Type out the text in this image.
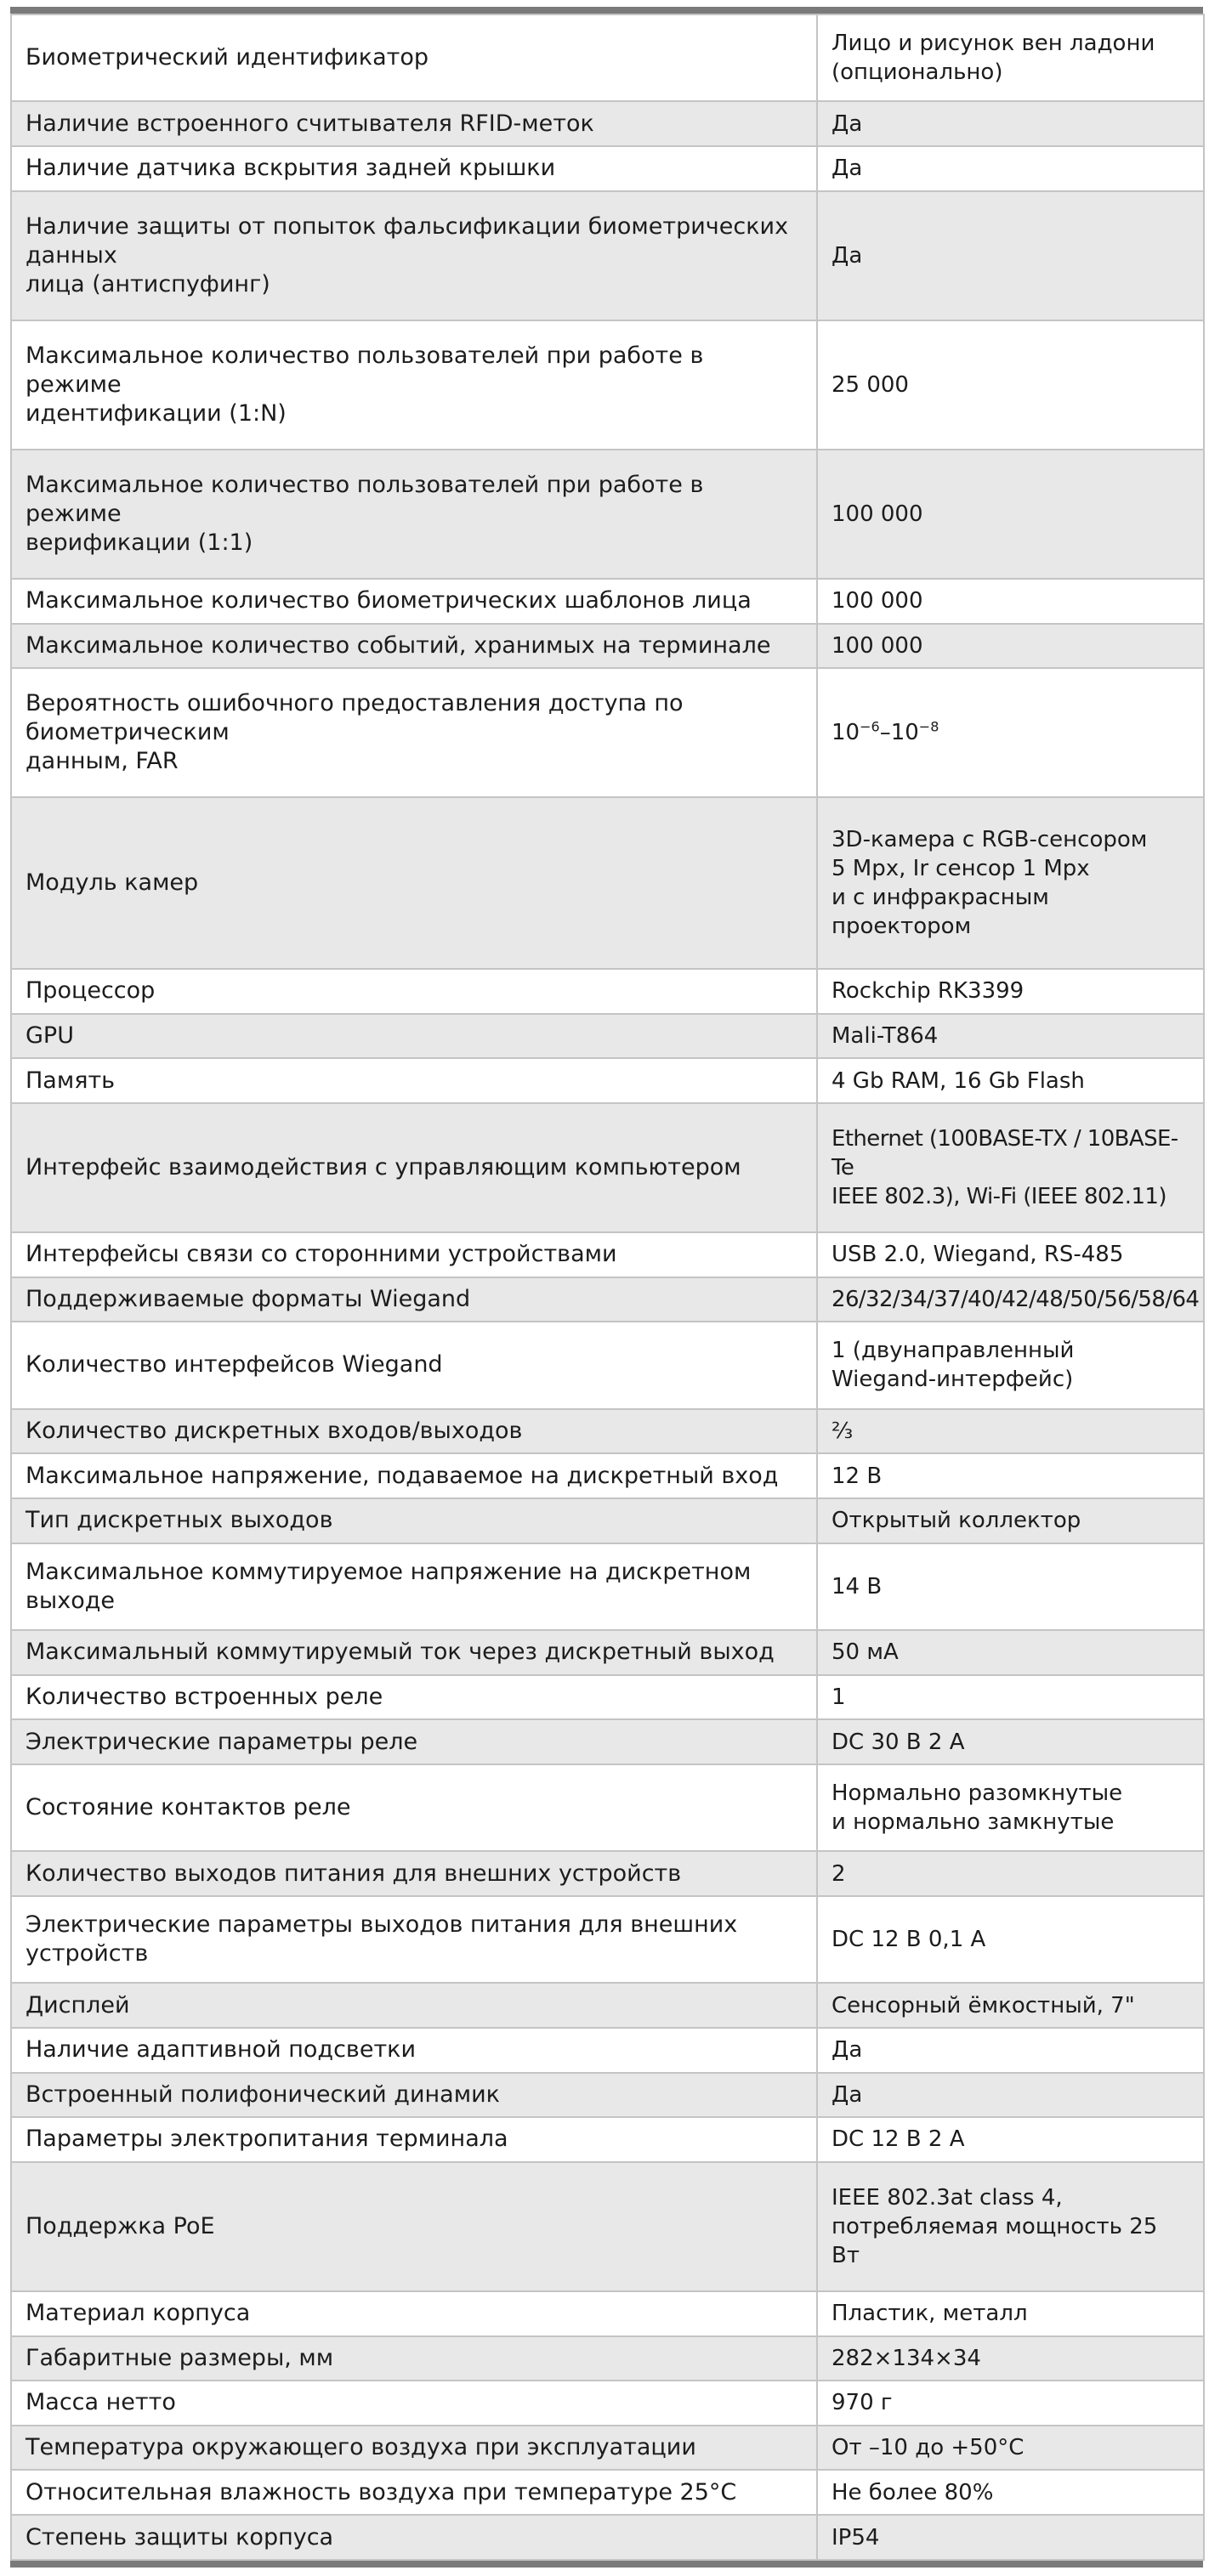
Биометрический идентификатор	Лицо и рисунок вен ладони
(опционально)
Наличие встроенного считывателя RFID-меток	Да
Наличие датчика вскрытия задней крышки	Да
Наличие защиты от попыток фальсификации биометрических данных
лица (антиспуфинг)	Да
Максимальное количество пользователей при работе в режиме
идентификации (1:N)	25 000
Максимальное количество пользователей при работе в режиме
верификации (1:1)	100 000
Максимальное количество биометрических шаблонов лица	100 000
Максимальное количество событий, хранимых на терминале	100 000
Вероятность ошибочного предоставления доступа по биометрическим
данным, FAR	$10^{-6}-10^{-8}$
Модуль камер	3D-камера с RGB-сенсором
5 Mpx, Ir сенсор 1 Mpx
и с инфракрасным проектором
Процессор	Rockchip RK3399
GPU	Mali-T864
Память	4 Gb RAM, 16 Gb Flash
Интерфейс взаимодействия с управляющим компьютером	Ethernet (100BASE-TX / 10BASE-Te
IEEE 802.3), Wi-Fi (IEEE 802.11)
Интерфейсы связи со сторонними устройствами	USB 2.0, Wiegand, RS-485
Поддерживаемые форматы Wiegand	26/32/34/37/40/42/48/50/56/58/64
Количество интерфейсов Wiegand	1 (двунаправленный
Wiegand-интерфейс)
Количество дискретных входов/выходов	⅔
Максимальное напряжение, подаваемое на дискретный вход	12 В
Тип дискретных выходов	Открытый коллектор
Максимальное коммутируемое напряжение на дискретном выходе	14 В
Максимальный коммутируемый ток через дискретный выход	50 мА
Количество встроенных реле	1
Электрические параметры реле	DC 30 В 2 А
Состояние контактов реле	Нормально разомкнутые
и нормально замкнутые
Количество выходов питания для внешних устройств	2
Электрические параметры выходов питания для внешних устройств	DC 12 В 0,1 А
Дисплей	Сенсорный ёмкостный, 7"
Наличие адаптивной подсветки	Да
Встроенный полифонический динамик	Да
Параметры электропитания терминала	DC 12 В 2 А
Поддержка PoE	IEEE 802.3at class 4,
потребляемая мощность 25 Вт
Материал корпуса	Пластик, металл
Габаритные размеры, мм	282×134×34
Масса нетто	970 г
Температура окружающего воздуха при эксплуатации	От –10 до +50°С
Относительная влажность воздуха при температуре 25°С	Не более 80%
Степень защиты корпуса	IP54
